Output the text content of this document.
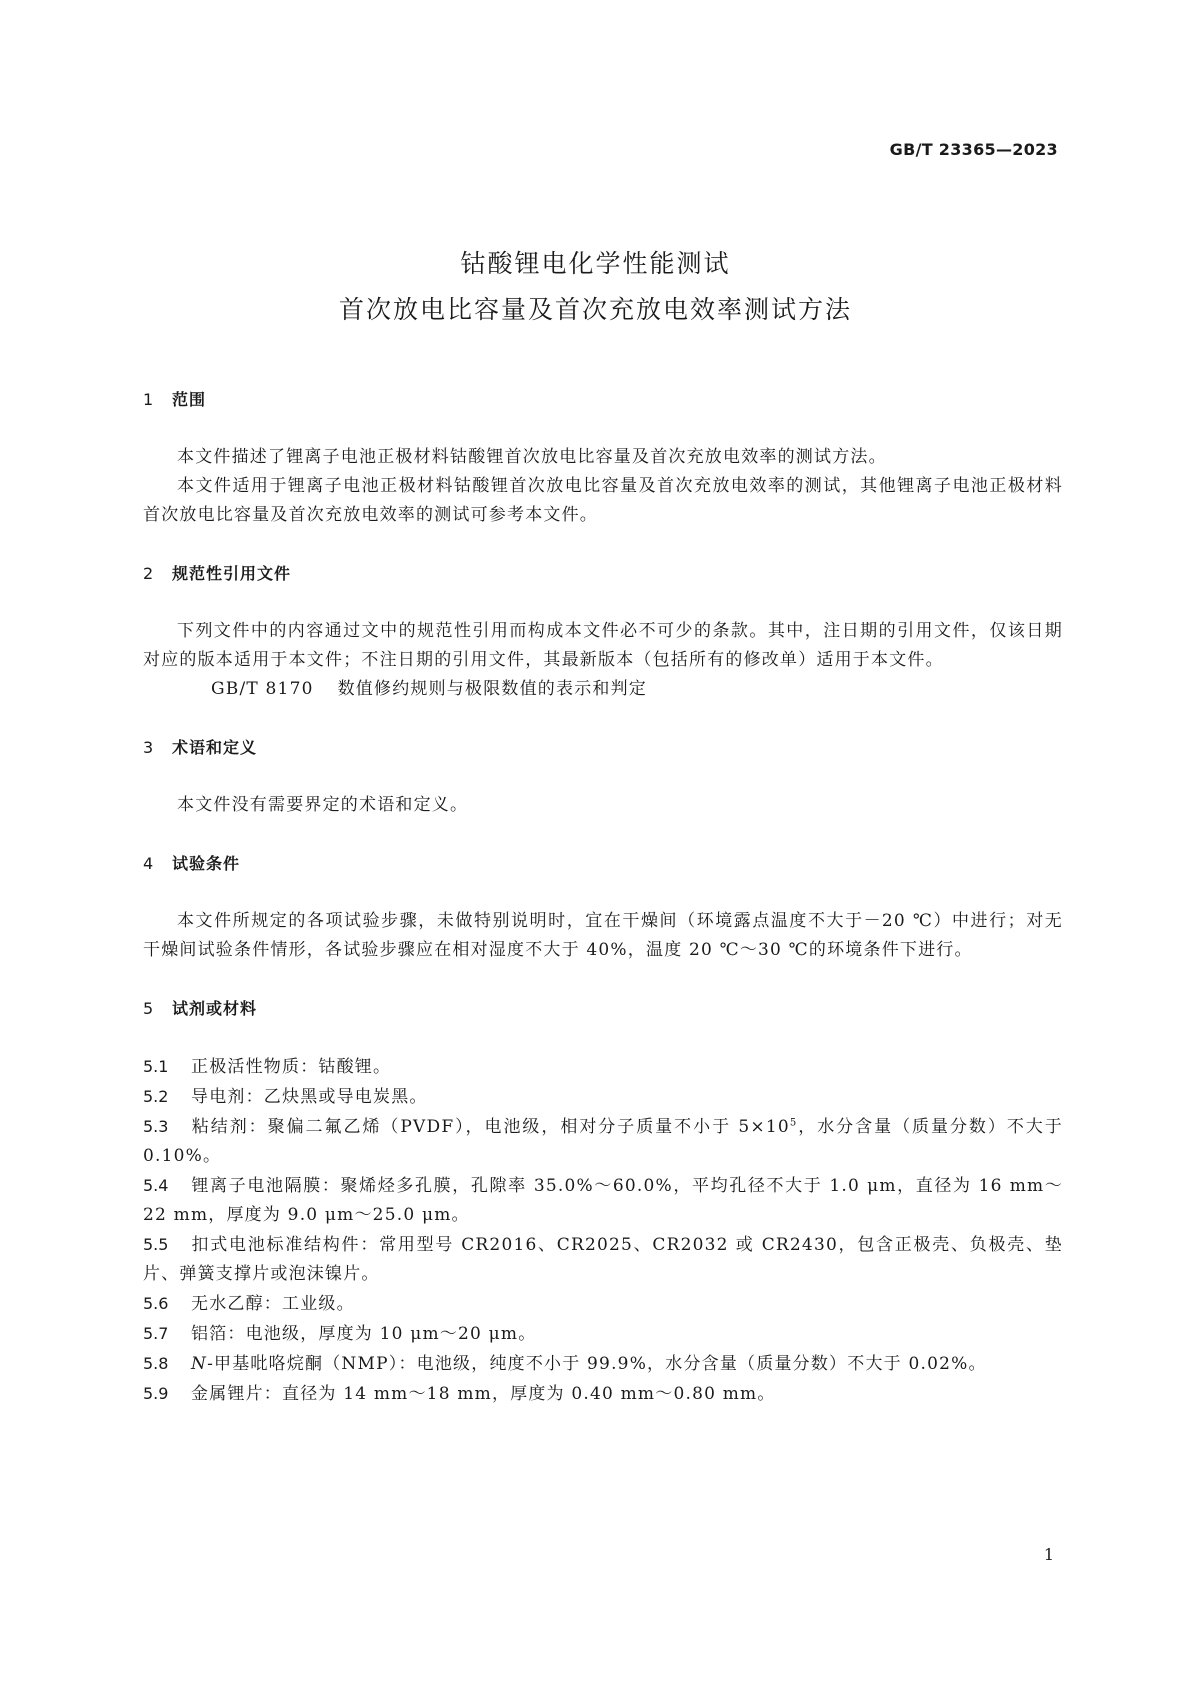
GB/T 23365—2023
钴酸锂电化学性能测试
首次放电比容量及首次充放电效率测试方法
1 范围
本文件描述了锂离子电池正极材料钴酸锂首次放电比容量及首次充放电效率的测试方法。
本文件适用于锂离子电池正极材料钴酸锂首次放电比容量及首次充放电效率的测试，其他锂离子电池正极材料首次放电比容量及首次充放电效率的测试可参考本文件。
2 规范性引用文件
下列文件中的内容通过文中的规范性引用而构成本文件必不可少的条款。其中，注日期的引用文件，仅该日期对应的版本适用于本文件；不注日期的引用文件，其最新版本（包括所有的修改单）适用于本文件。
GB/T 8170 数值修约规则与极限数值的表示和判定
3 术语和定义
本文件没有需要界定的术语和定义。
4 试验条件
本文件所规定的各项试验步骤，未做特别说明时，宜在干燥间（环境露点温度不大于－20 ℃）中进行；对无干燥间试验条件情形，各试验步骤应在相对湿度不大于 40%，温度 20 ℃～30 ℃的环境条件下进行。
5 试剂或材料
5.1 正极活性物质：钴酸锂。
5.2 导电剂：乙炔黑或导电炭黑。
5.3 粘结剂：聚偏二氟乙烯（PVDF），电池级，相对分子质量不小于 $5\times 10^5$，水分含量（质量分数）不大于 0.10%。
5.4 锂离子电池隔膜：聚烯烃多孔膜，孔隙率 35.0%～60.0%，平均孔径不大于 1.0 μm，直径为 16 mm～22 mm，厚度为 9.0 μm～25.0 μm。
5.5 扣式电池标准结构件：常用型号 CR2016、CR2025、CR2032 或 CR2430，包含正极壳、负极壳、垫片、弹簧支撑片或泡沫镍片。
5.6 无水乙醇：工业级。
5.7 铝箔：电池级，厚度为 10 μm～20 μm。
5.8 N-甲基吡咯烷酮（NMP）：电池级，纯度不小于 99.9%，水分含量（质量分数）不大于 0.02%。
5.9 金属锂片：直径为 14 mm～18 mm，厚度为 0.40 mm～0.80 mm。
1
